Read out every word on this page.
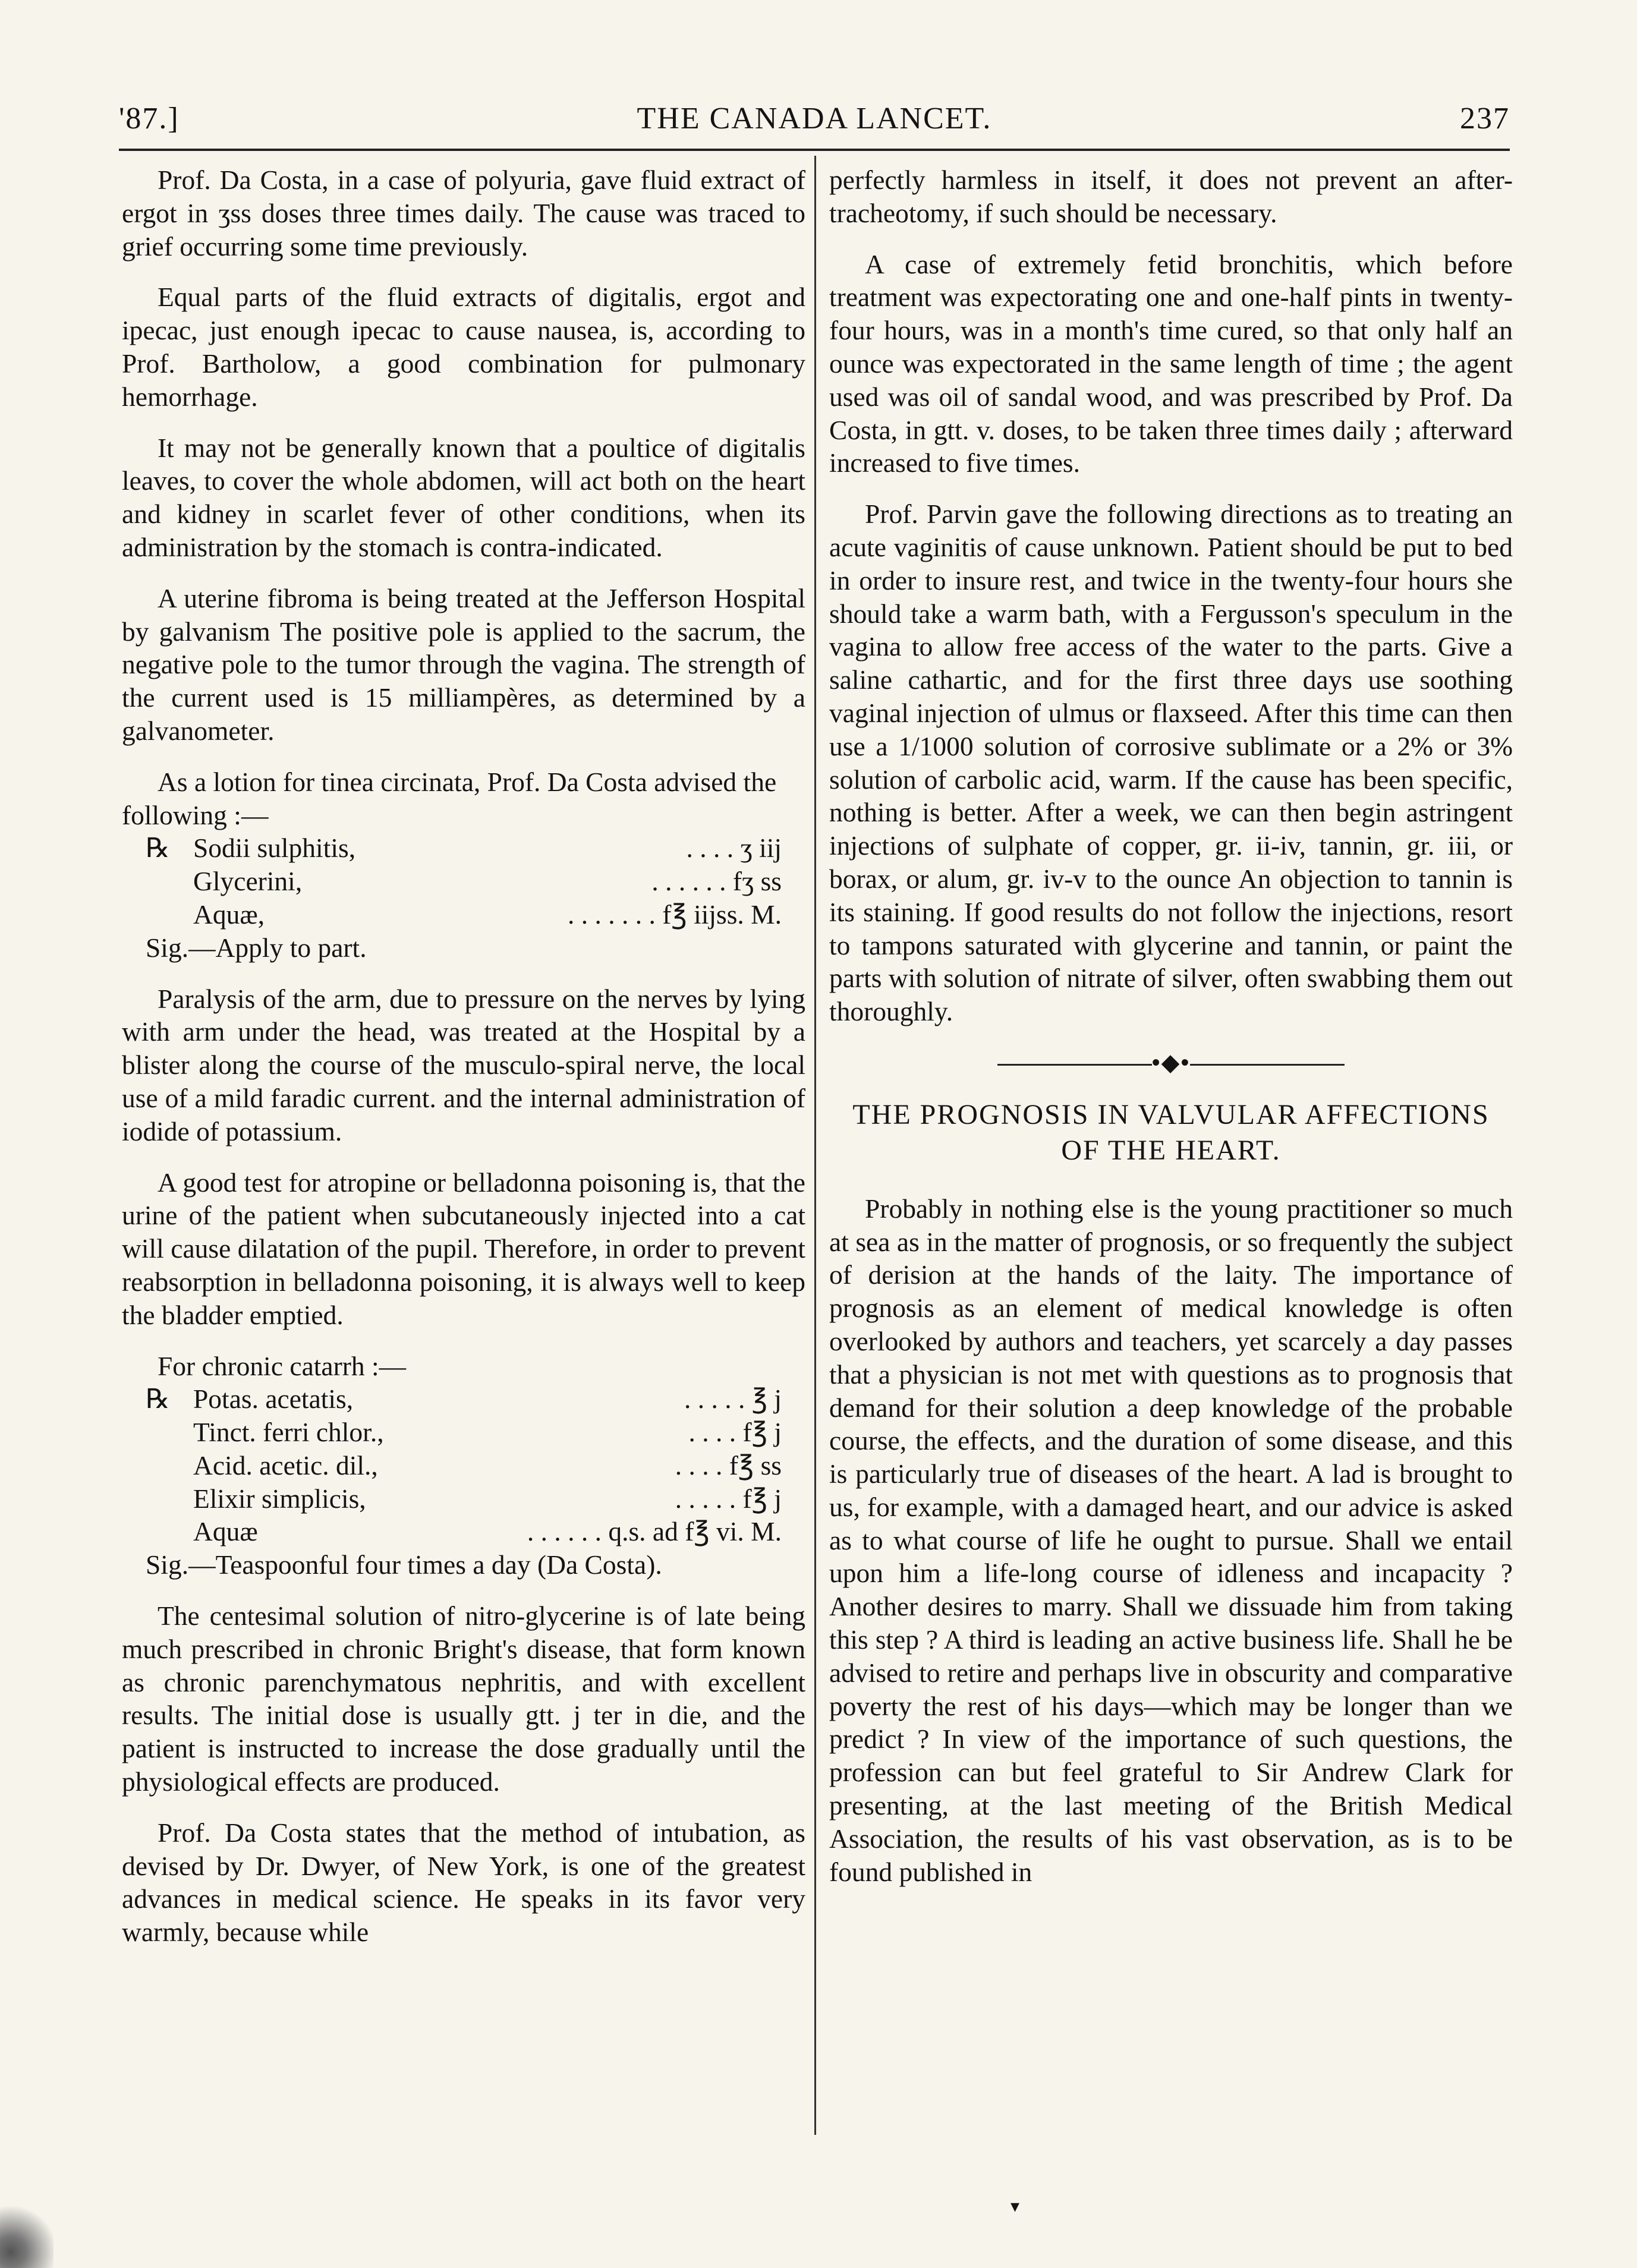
'87.]	THE CANADA LANCET.	237

Prof. Da Costa, in a case of polyuria, gave fluid extract of ergot in ʒss doses three times daily. The cause was traced to grief occurring some time previously.

Equal parts of the fluid extracts of digitalis, ergot and ipecac, just enough ipecac to cause nausea, is, according to Prof. Bartholow, a good combination for pulmonary hemorrhage.

It may not be generally known that a poultice of digitalis leaves, to cover the whole abdomen, will act both on the heart and kidney in scarlet fever of other conditions, when its administration by the stomach is contra-indicated.

A uterine fibroma is being treated at the Jefferson Hospital by galvanism The positive pole is applied to the sacrum, the negative pole to the tumor through the vagina. The strength of the current used is 15 milliampères, as determined by a galvanometer.

As a lotion for tinea circinata, Prof. Da Costa advised the following :—
℞ Sodii sulphitis,	. . . . ʒ iij
Glycerini,	. . . . . . fʒ ss
Aquæ,	. . . . . . . f℥ iijss. M.
Sig.—Apply to part.

Paralysis of the arm, due to pressure on the nerves by lying with arm under the head, was treated at the Hospital by a blister along the course of the musculo-spiral nerve, the local use of a mild faradic current. and the internal administration of iodide of potassium.

A good test for atropine or belladonna poisoning is, that the urine of the patient when subcutaneously injected into a cat will cause dilatation of the pupil. Therefore, in order to prevent reabsorption in belladonna poisoning, it is always well to keep the bladder emptied.

For chronic catarrh :—
℞ Potas. acetatis,	. . . . . ℥ j
Tinct. ferri chlor.,	. . . . f℥ j
Acid. acetic. dil.,	. . . . f℥ ss
Elixir simplicis,	. . . . . f℥ j
Aquæ	. . . . . . q.s. ad f℥ vi. M.
Sig.—Teaspoonful four times a day (Da Costa).

The centesimal solution of nitro-glycerine is of late being much prescribed in chronic Bright's disease, that form known as chronic parenchymatous nephritis, and with excellent results. The initial dose is usually gtt. j ter in die, and the patient is instructed to increase the dose gradually until the physiological effects are produced.

Prof. Da Costa states that the method of intubation, as devised by Dr. Dwyer, of New York, is one of the greatest advances in medical science. He speaks in its favor very warmly, because while

perfectly harmless in itself, it does not prevent an after-tracheotomy, if such should be necessary.

A case of extremely fetid bronchitis, which before treatment was expectorating one and one-half pints in twenty-four hours, was in a month's time cured, so that only half an ounce was expectorated in the same length of time ; the agent used was oil of sandal wood, and was prescribed by Prof. Da Costa, in gtt. v. doses, to be taken three times daily ; afterward increased to five times.

Prof. Parvin gave the following directions as to treating an acute vaginitis of cause unknown. Patient should be put to bed in order to insure rest, and twice in the twenty-four hours she should take a warm bath, with a Fergusson's speculum in the vagina to allow free access of the water to the parts. Give a saline cathartic, and for the first three days use soothing vaginal injection of ulmus or flaxseed. After this time can then use a 1/1000 solution of corrosive sublimate or a 2% or 3% solution of carbolic acid, warm. If the cause has been specific, nothing is better. After a week, we can then begin astringent injections of sulphate of copper, gr. ii-iv, tannin, gr. iii, or borax, or alum, gr. iv-v to the ounce An objection to tannin is its staining. If good results do not follow the injections, resort to tampons saturated with glycerine and tannin, or paint the parts with solution of nitrate of silver, often swabbing them out thoroughly.

•◆•
THE PROGNOSIS IN VALVULAR AFFECTIONS OF THE HEART.

Probably in nothing else is the young practitioner so much at sea as in the matter of prognosis, or so frequently the subject of derision at the hands of the laity. The importance of prognosis as an element of medical knowledge is often overlooked by authors and teachers, yet scarcely a day passes that a physician is not met with questions as to prognosis that demand for their solution a deep knowledge of the probable course, the effects, and the duration of some disease, and this is particularly true of diseases of the heart. A lad is brought to us, for example, with a damaged heart, and our advice is asked as to what course of life he ought to pursue. Shall we entail upon him a life-long course of idleness and incapacity ? Another desires to marry. Shall we dissuade him from taking this step ? A third is leading an active business life. Shall he be advised to retire and perhaps live in obscurity and comparative poverty the rest of his days—which may be longer than we predict ? In view of the importance of such questions, the profession can but feel grateful to Sir Andrew Clark for presenting, at the last meeting of the British Medical Association, the results of his vast observation, as is to be found published in

▾
